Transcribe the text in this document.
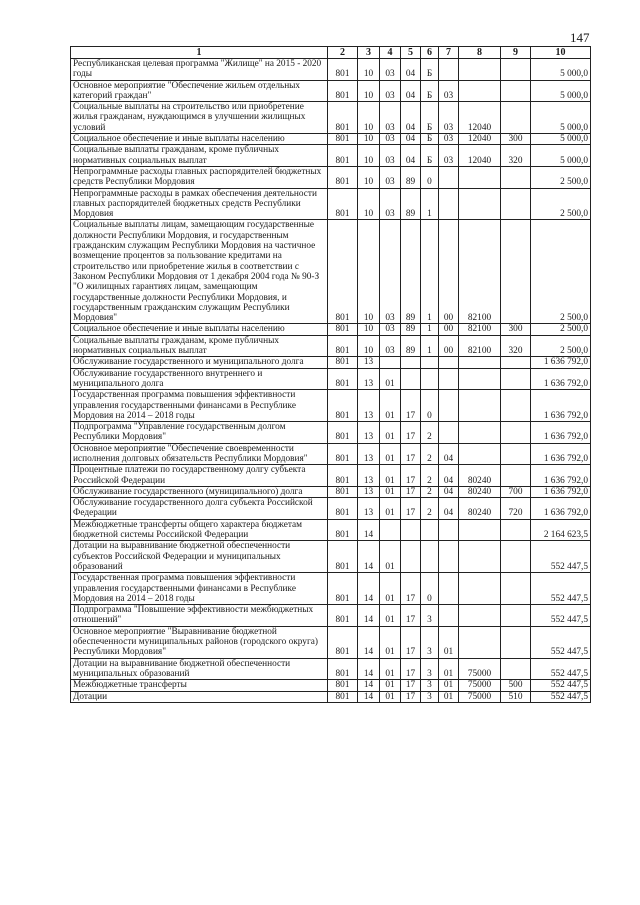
147
1	2	3	4	5	6	7	8	9	10
Республиканская целевая программа "Жилище" на 2015 - 2020 годы	801	10	03	04	Б				5 000,0
Основное мероприятие "Обеспечение жильем отдельных категорий граждан"	801	10	03	04	Б	03			5 000,0
Социальные выплаты на строительство или приобретение жилья гражданам, нуждающимся в улучшении жилищных условий	801	10	03	04	Б	03	12040		5 000,0
Социальное обеспечение и иные выплаты населению	801	10	03	04	Б	03	12040	300	5 000,0
Социальные выплаты гражданам, кроме публичных нормативных социальных выплат	801	10	03	04	Б	03	12040	320	5 000,0
Непрограммные расходы главных распорядителей бюджетных средств Республики Мордовия	801	10	03	89	0				2 500,0
Непрограммные расходы в рамках обеспечения деятельности главных распорядителей бюджетных средств Республики Мордовия	801	10	03	89	1				2 500,0
Социальные выплаты лицам, замещающим государственные должности Республики Мордовия, и государственным гражданским служащим Республики Мордовия на частичное возмещение процентов за пользование кредитами на строительство или приобретение жилья в соответствии с Законом Республики Мордовия от 1 декабря 2004 года № 90-З "О жилищных гарантиях лицам, замещающим государственные должности Республики Мордовия, и государственным гражданским служащим Республики Мордовия"	801	10	03	89	1	00	82100		2 500,0
Социальное обеспечение и иные выплаты населению	801	10	03	89	1	00	82100	300	2 500,0
Социальные выплаты гражданам, кроме публичных нормативных социальных выплат	801	10	03	89	1	00	82100	320	2 500,0
Обслуживание государственного и муниципального долга	801	13							1 636 792,0
Обслуживание государственного внутреннего и муниципального долга	801	13	01						1 636 792,0
Государственная программа повышения эффективности управления государственными финансами в Республике Мордовия на 2014 – 2018 годы	801	13	01	17	0				1 636 792,0
Подпрограмма "Управление государственным долгом Республики Мордовия"	801	13	01	17	2				1 636 792,0
Основное мероприятие "Обеспечение своевременности исполнения долговых обязательств Республики Мордовия"	801	13	01	17	2	04			1 636 792,0
Процентные платежи по государственному долгу субъекта Российской Федерации	801	13	01	17	2	04	80240		1 636 792,0
Обслуживание государственного (муниципального) долга	801	13	01	17	2	04	80240	700	1 636 792,0
Обслуживание государственного долга субъекта Российской Федерации	801	13	01	17	2	04	80240	720	1 636 792,0
Межбюджетные трансферты общего характера бюджетам бюджетной системы Российской Федерации	801	14							2 164 623,5
Дотации на выравнивание бюджетной обеспеченности субъектов Российской Федерации и муниципальных образований	801	14	01						552 447,5
Государственная программа повышения эффективности управления государственными финансами в Республике Мордовия на 2014 – 2018 годы	801	14	01	17	0				552 447,5
Подпрограмма "Повышение эффективности межбюджетных отношений"	801	14	01	17	3				552 447,5
Основное мероприятие "Выравнивание бюджетной обеспеченности муниципальных районов (городского округа) Республики Мордовия"	801	14	01	17	3	01			552 447,5
Дотации на выравнивание бюджетной обеспеченности муниципальных образований	801	14	01	17	3	01	75000		552 447,5
Межбюджетные трансферты	801	14	01	17	3	01	75000	500	552 447,5
Дотации	801	14	01	17	3	01	75000	510	552 447,5
